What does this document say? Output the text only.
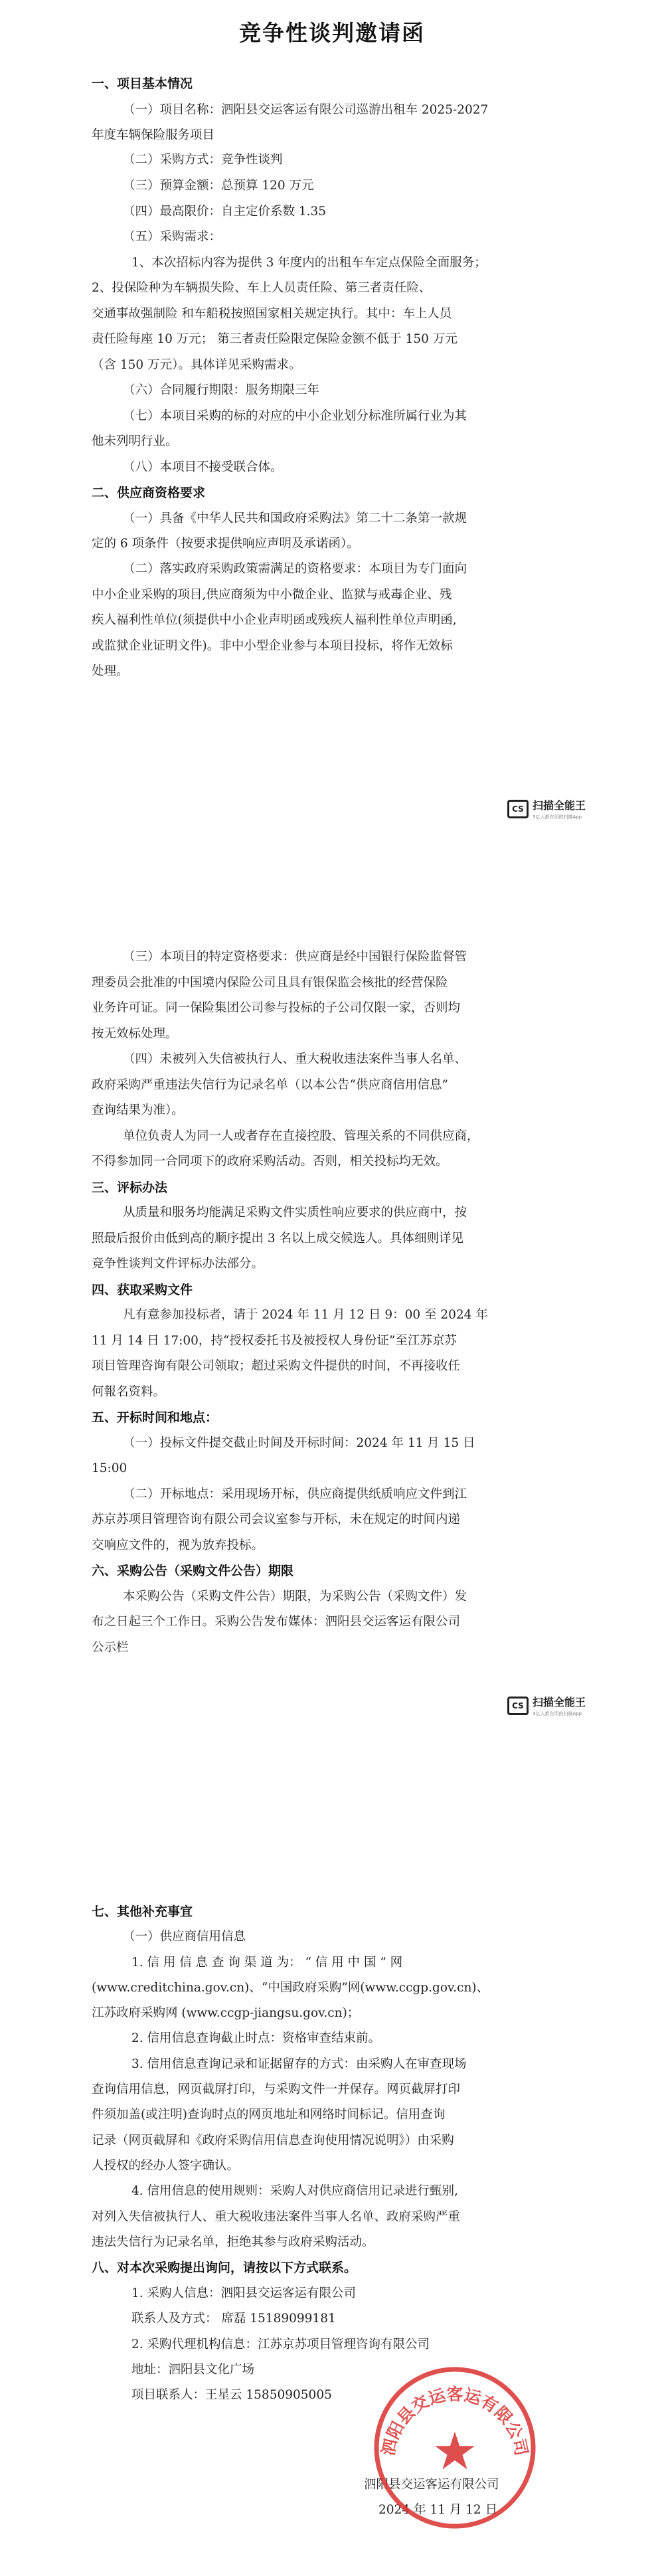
竞争性谈判邀请函
一、项目基本情况
（一）项目名称：泗阳县交运客运有限公司巡游出租车 2025-2027
年度车辆保险服务项目
（二）采购方式：竞争性谈判
（三）预算金额：总预算 120 万元
（四）最高限价：自主定价系数 1.35
（五）采购需求：
1、本次招标内容为提供 3 年度内的出租车车定点保险全面服务；
2、投保险种为车辆损失险、车上人员责任险、第三者责任险、
交通事故强制险 和车船税按照国家相关规定执行。其中：车上人员
责任险每座 10 万元； 第三者责任险限定保险金额不低于 150 万元
（含 150 万元）。具体详见采购需求。
（六）合同履行期限：服务期限三年
（七）本项目采购的标的对应的中小企业划分标准所属行业为其
他未列明行业。
（八）本项目不接受联合体。
二、供应商资格要求
（一）具备《中华人民共和国政府采购法》第二十二条第一款规
定的 6 项条件（按要求提供响应声明及承诺函）。
（二）落实政府采购政策需满足的资格要求：本项目为专门面向
中小企业采购的项目,供应商须为中小微企业、监狱与戒毒企业、残
疾人福利性单位(须提供中小企业声明函或残疾人福利性单位声明函,
或监狱企业证明文件)。非中小型企业参与本项目投标，将作无效标
处理。
（三）本项目的特定资格要求：供应商是经中国银行保险监督管
理委员会批准的中国境内保险公司且具有银保监会核批的经营保险
业务许可证。同一保险集团公司参与投标的子公司仅限一家，否则均
按无效标处理。
（四）未被列入失信被执行人、重大税收违法案件当事人名单、
政府采购严重违法失信行为记录名单（以本公告“供应商信用信息”
查询结果为准）。
单位负责人为同一人或者存在直接控股、管理关系的不同供应商，
不得参加同一合同项下的政府采购活动。否则，相关投标均无效。
三、评标办法
从质量和服务均能满足采购文件实质性响应要求的供应商中，按
照最后报价由低到高的顺序提出 3 名以上成交候选人。具体细则详见
竞争性谈判文件评标办法部分。
四、获取采购文件
凡有意参加投标者，请于 2024 年 11 月 12 日 9：00 至 2024 年
11 月 14 日 17:00，持“授权委托书及被授权人身份证”至江苏京苏
项目管理咨询有限公司领取；超过采购文件提供的时间，不再接收任
何報名资料。
五、开标时间和地点：
（一）投标文件提交截止时间及开标时间：2024 年 11 月 15 日
15:00
（二）开标地点：采用现场开标，供应商提供纸质响应文件到江
苏京苏项目管理咨询有限公司会议室参与开标，未在规定的时间内递
交响应文件的，视为放弃投标。
六、采购公告（采购文件公告）期限
本采购公告（采购文件公告）期限，为采购公告（采购文件）发
布之日起三个工作日。采购公告发布媒体：泗阳县交运客运有限公司
公示栏
七、其他补充事宜
（一）供应商信用信息
1. 信 用 信 息 查 询 渠 道 为： “ 信 用 中 国 ” 网
(www.creditchina.gov.cn)、“中国政府采购”网(www.ccgp.gov.cn)、
江苏政府采购网 (www.ccgp-jiangsu.gov.cn)；
2. 信用信息查询截止时点：资格审查结束前。
3. 信用信息查询记录和证据留存的方式：由采购人在审查现场
查询信用信息，网页截屏打印，与采购文件一并保存。网页截屏打印
件须加盖(或注明)查询时点的网页地址和网络时间标记。信用查询
记录（网页截屏和《政府采购信用信息查询使用情况说明》）由采购
人授权的经办人签字确认。
4. 信用信息的使用规则：采购人对供应商信用记录进行甄别,
对列入失信被执行人、重大税收违法案件当事人名单、政府采购严重
违法失信行为记录名单，拒绝其参与政府采购活动。
八、对本次采购提出询问，请按以下方式联系。
1. 采购人信息：泗阳县交运客运有限公司
联系人及方式： 席磊 15189099181
2. 采购代理机构信息：江苏京苏项目管理咨询有限公司
地址：泗阳县文化广场
项目联系人：王星云 15850905005
泗阳县交运客运有限公司
2024 年 11 月 12 日
CS 扫描全能王
3亿人都在用的扫描App
CS 扫描全能王
3亿人都在用的扫描App
泗阳县交运客运有限公司
★
